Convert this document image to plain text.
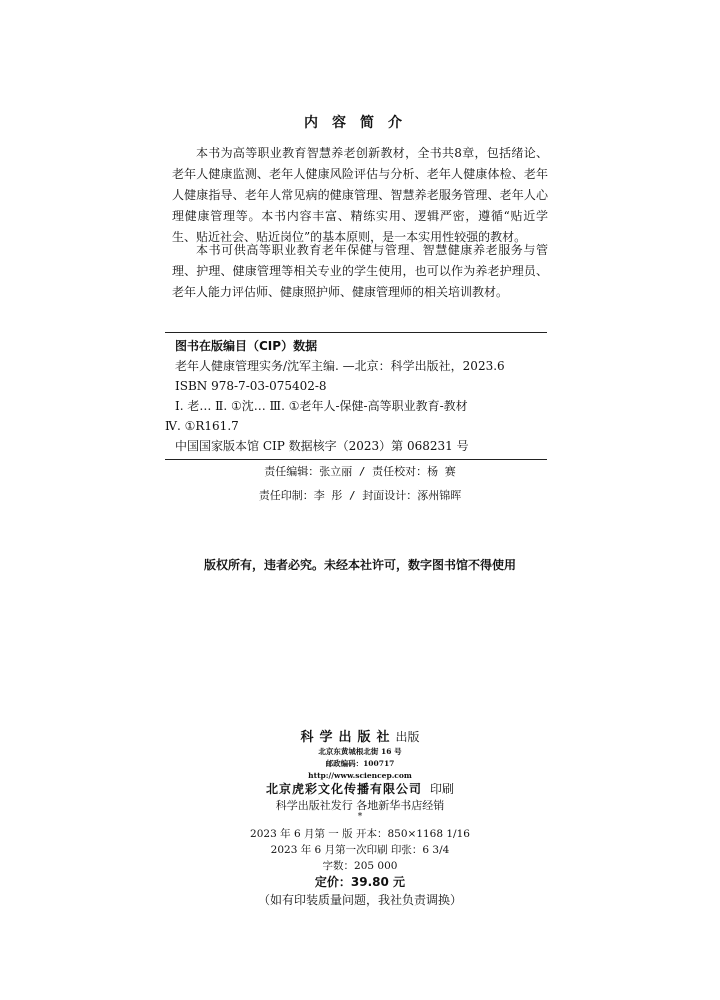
内容简介
本书为高等职业教育智慧养老创新教材，全书共8章，包括绪论、老年人健康监测、老年人健康风险评估与分析、老年人健康体检、老年人健康指导、老年人常见病的健康管理、智慧养老服务管理、老年人心理健康管理等。本书内容丰富、精练实用、逻辑严密，遵循“贴近学生、贴近社会、贴近岗位”的基本原则，是一本实用性较强的教材。
本书可供高等职业教育老年保健与管理、智慧健康养老服务与管理、护理、健康管理等相关专业的学生使用，也可以作为养老护理员、老年人能力评估师、健康照护师、健康管理师的相关培训教材。
图书在版编目（CIP）数据
老年人健康管理实务/沈军主编. —北京：科学出版社，2023.6
ISBN 978-7-03-075402-8
Ⅰ. 老… Ⅱ. ①沈… Ⅲ. ①老年人-保健-高等职业教育-教材
Ⅳ. ①R161.7
中国国家版本馆 CIP 数据核字（2023）第 068231 号
责任编辑：张立丽 / 责任校对：杨 赛
责任印制：李 彤 / 封面设计：涿州锦晖
版权所有，违者必究。未经本社许可，数字图书馆不得使用
科学出版社出版
北京东黄城根北街 16 号
邮政编码：100717
http://www.sciencep.com
北京虎彩文化传播有限公司 印刷
科学出版社发行 各地新华书店经销
*
2023 年 6 月第 一 版 开本：850×1168 1/16
2023 年 6 月第一次印刷 印张：6 3/4
字数：205 000
定价：39.80 元
（如有印装质量问题，我社负责调换）
